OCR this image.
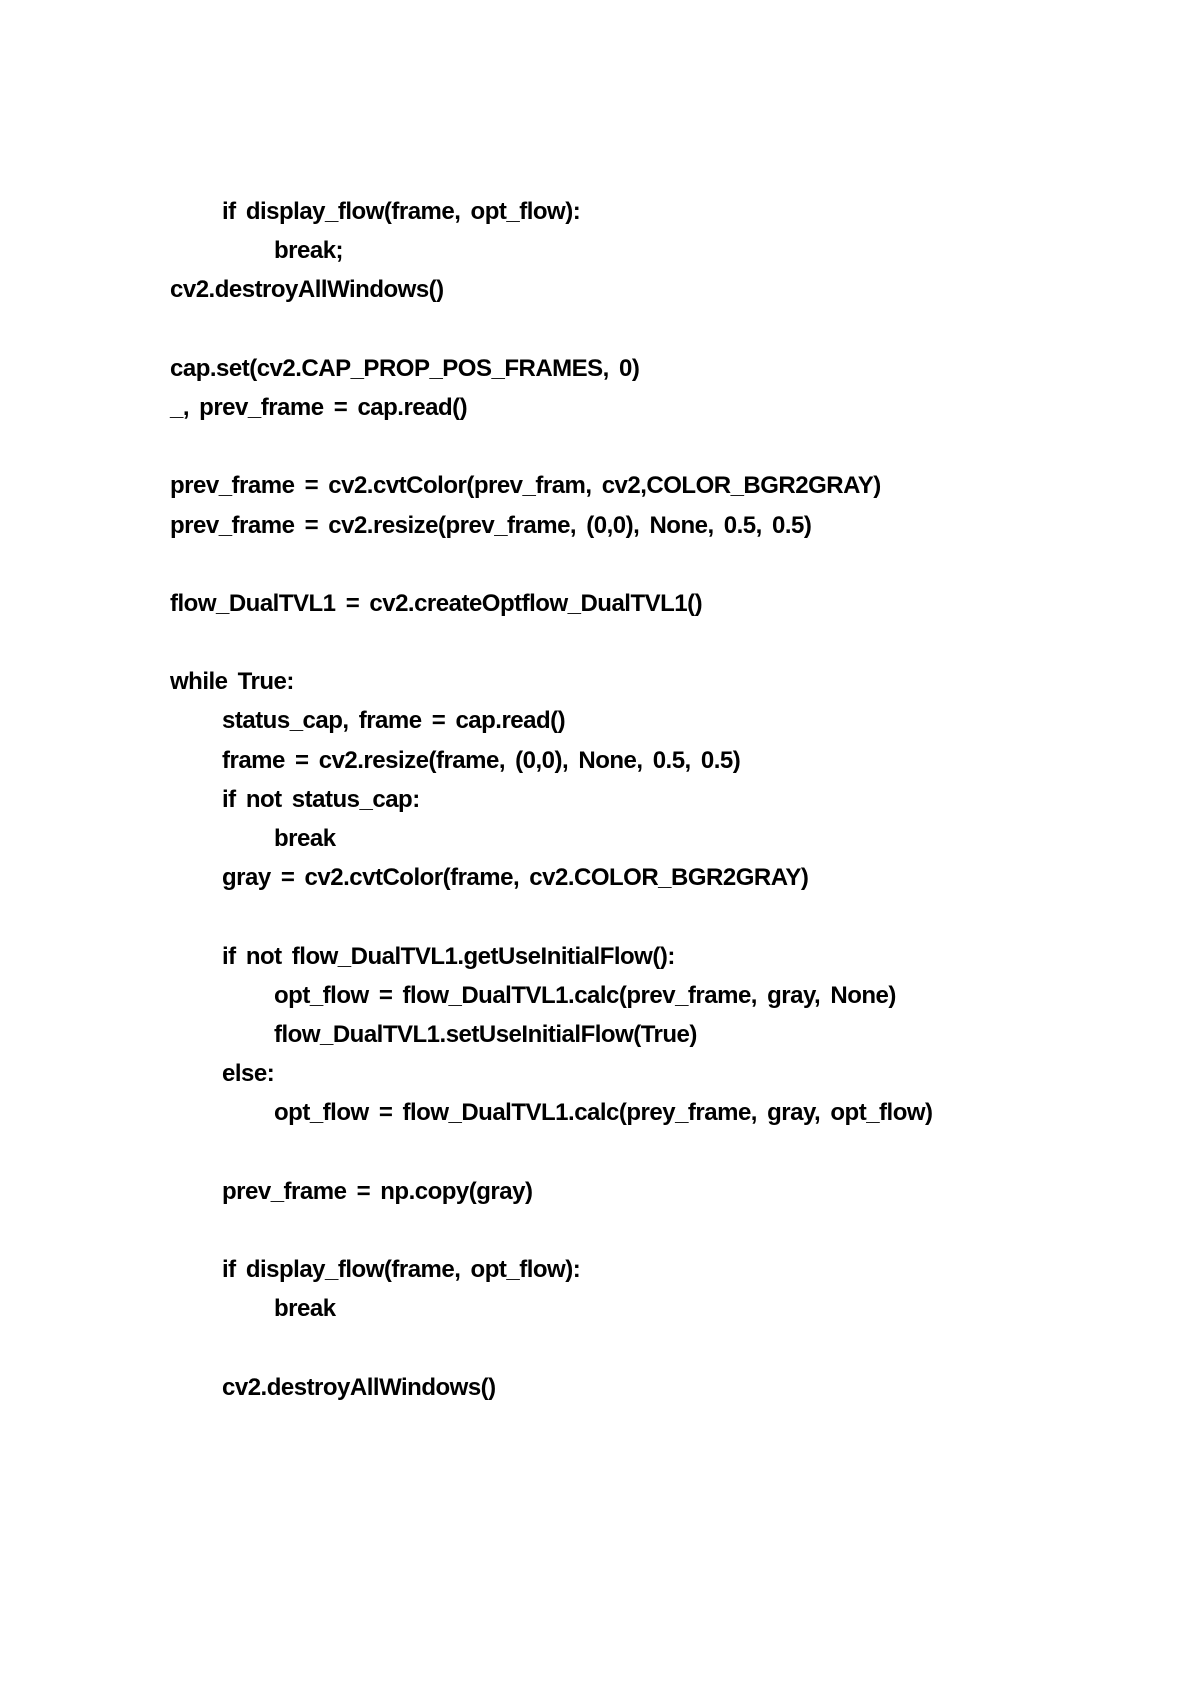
if display_flow(frame, opt_flow):
break;
cv2.destroyAllWindows()
cap.set(cv2.CAP_PROP_POS_FRAMES, 0)
_, prev_frame = cap.read()
prev_frame = cv2.cvtColor(prev_fram, cv2,COLOR_BGR2GRAY)
prev_frame = cv2.resize(prev_frame, (0,0), None, 0.5, 0.5)
flow_DualTVL1 = cv2.createOptflow_DualTVL1()
while True:
status_cap, frame = cap.read()
frame = cv2.resize(frame, (0,0), None, 0.5, 0.5)
if not status_cap:
break
gray = cv2.cvtColor(frame, cv2.COLOR_BGR2GRAY)
if not flow_DualTVL1.getUseInitialFlow():
opt_flow = flow_DualTVL1.calc(prev_frame, gray, None)
flow_DualTVL1.setUseInitialFlow(True)
else:
opt_flow = flow_DualTVL1.calc(prey_frame, gray, opt_flow)
prev_frame = np.copy(gray)
if display_flow(frame, opt_flow):
break
cv2.destroyAllWindows()
